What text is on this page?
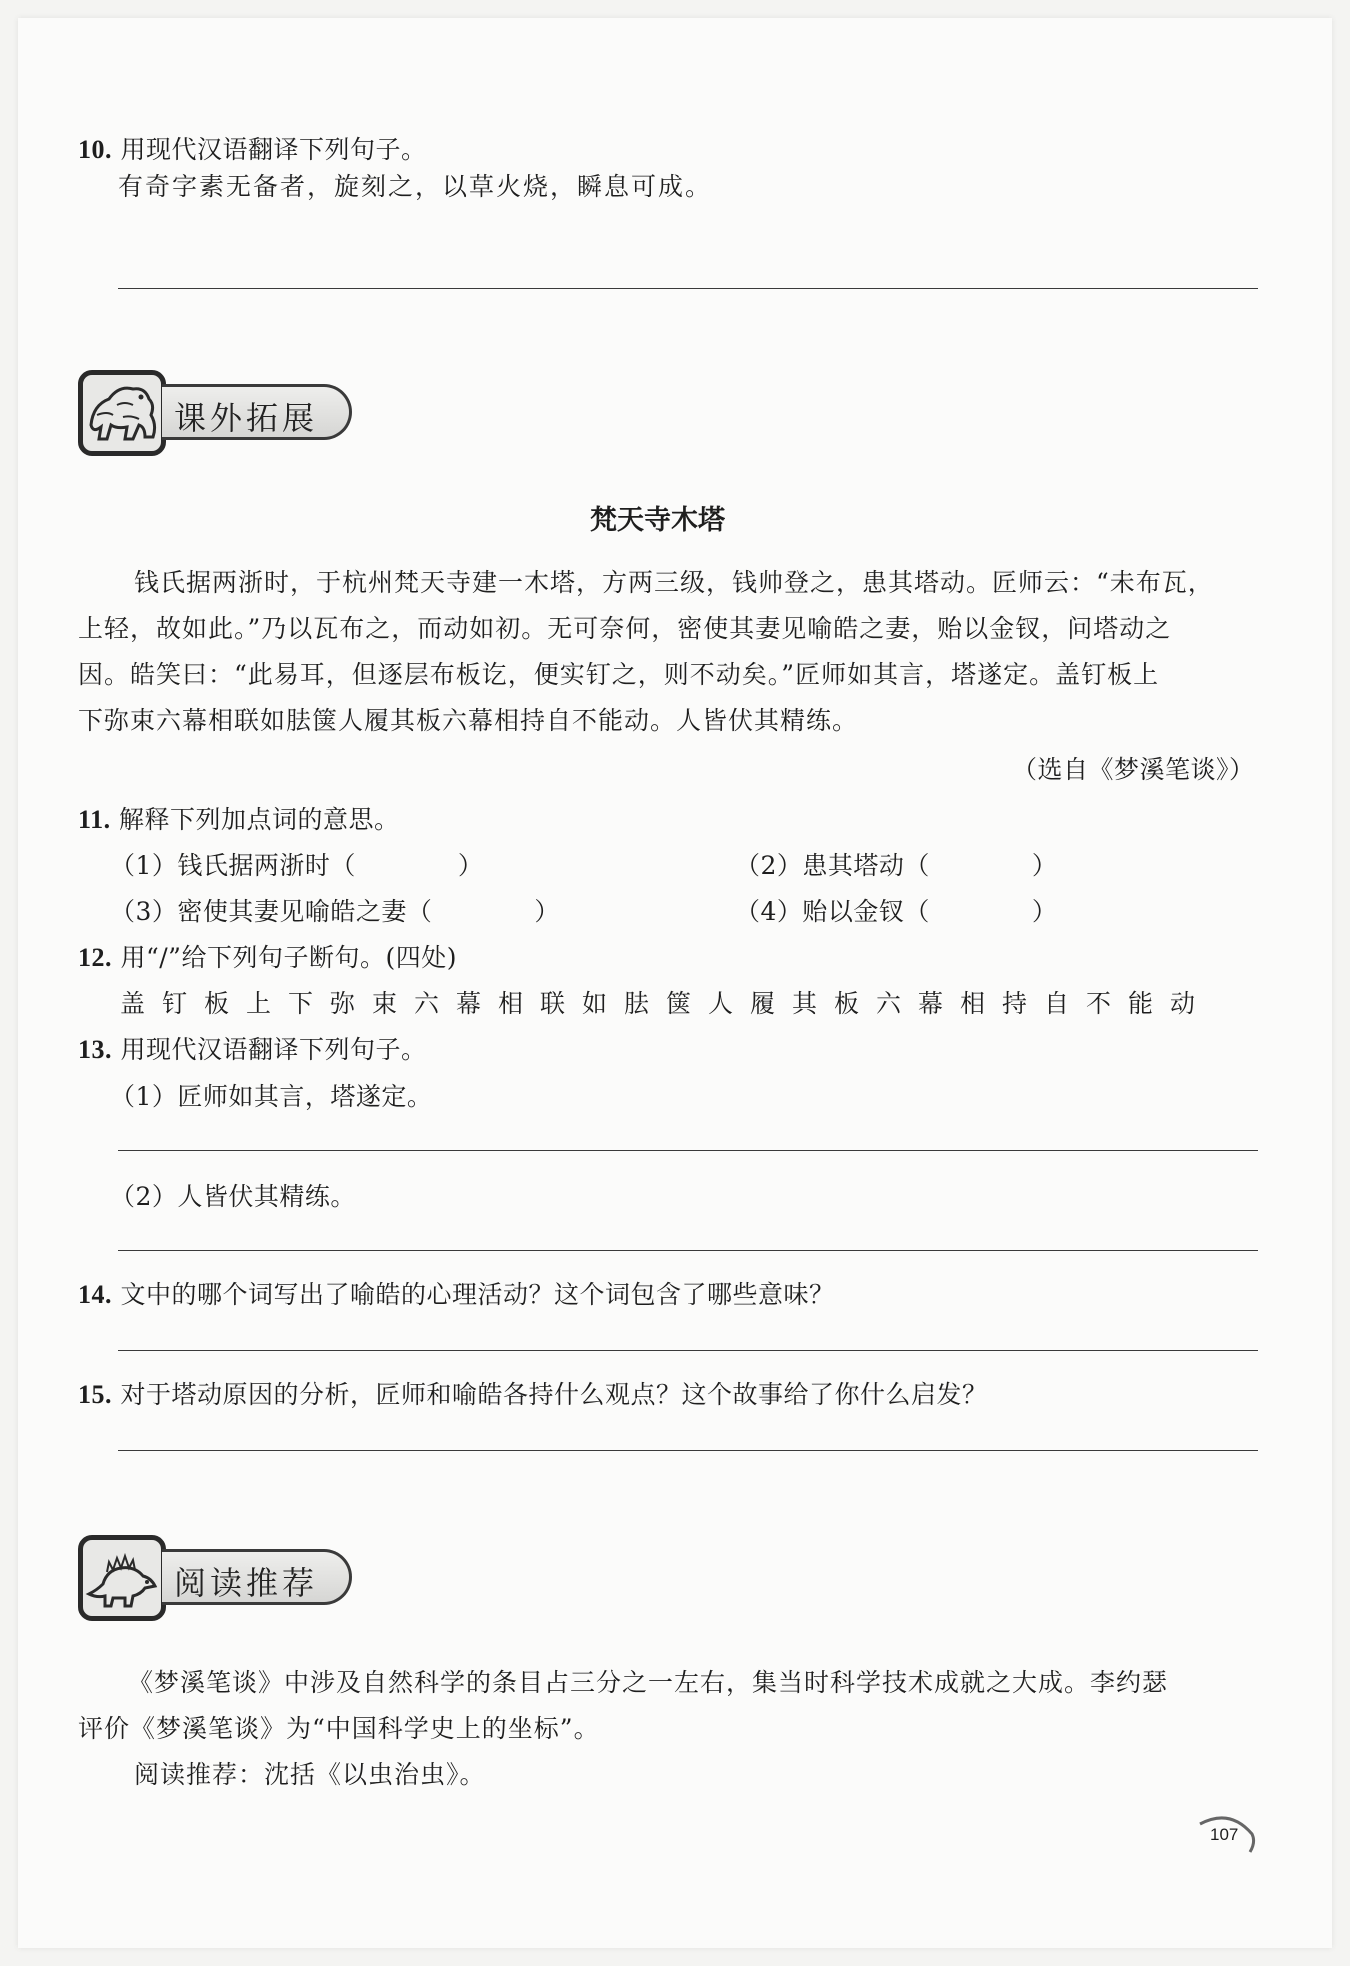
10. 用现代汉语翻译下列句子。
有奇字素无备者，旋刻之，以草火烧，瞬息可成。
课外拓展
梵天寺木塔

钱氏据两浙时，于杭州梵天寺建一木塔，方两三级，钱帅登之，患其塔动。匠师云：“未布瓦，

上轻，故如此。”乃以瓦布之，而动如初。无可奈何，密使其妻见喻皓之妻，贻以金钗，问塔动之

因。皓笑曰：“此易耳，但逐层布板讫，便实钉之，则不动矣。”匠师如其言，塔遂定。盖钉板上

下弥束六幕相联如胠箧人履其板六幕相持自不能动。人皆伏其精练。

（选自《梦溪笔谈》）
11. 解释下列加点词的意思。
（1）钱氏据两浙时（　　　　）	（2）患其塔动（　　　　）
（3）密使其妻见喻皓之妻（　　　　）	（4）贻以金钗（　　　　）
12. 用“/”给下列句子断句。(四处)
盖钉板上下弥束六幕相联如胠箧人履其板六幕相持自不能动
13. 用现代汉语翻译下列句子。
（1）匠师如其言，塔遂定。
（2）人皆伏其精练。
14. 文中的哪个词写出了喻皓的心理活动？这个词包含了哪些意味？
15. 对于塔动原因的分析，匠师和喻皓各持什么观点？这个故事给了你什么启发？
阅读推荐

《梦溪笔谈》中涉及自然科学的条目占三分之一左右，集当时科学技术成就之大成。李约瑟

评价《梦溪笔谈》为“中国科学史上的坐标”。

阅读推荐：沈括《以虫治虫》。

107
